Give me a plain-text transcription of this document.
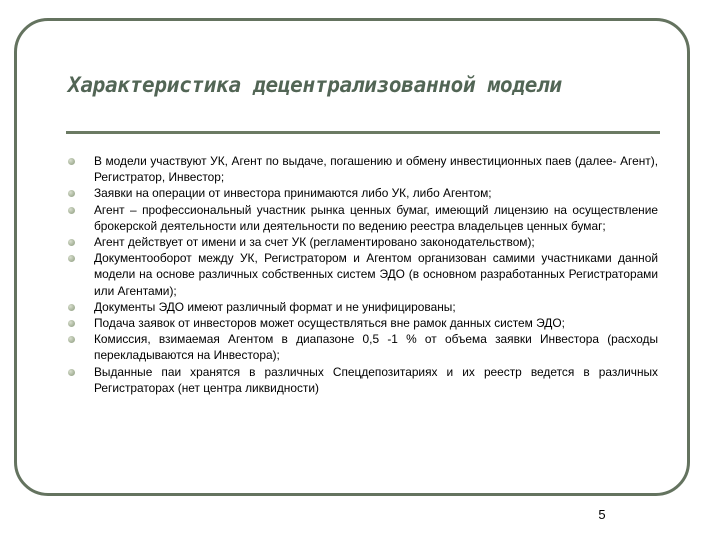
Характеристика децентрализованной модели
В модели участвуют УК, Агент по выдаче, погашению и обмену инвестиционных паев (далее- Агент), Регистратор, Инвестор;
Заявки на операции от инвестора принимаются либо УК, либо Агентом;
Агент – профессиональный участник рынка ценных бумаг, имеющий лицензию на осуществление брокерской деятельности или деятельности по ведению реестра владельцев ценных бумаг;
Агент действует от имени и за счет УК (регламентировано законодательством);
Документооборот между УК, Регистратором и Агентом организован самими участниками данной модели на основе различных собственных систем ЭДО (в основном разработанных Регистраторами или Агентами);
Документы ЭДО имеют различный формат и не унифицированы;
Подача заявок от инвесторов может осуществляться вне рамок данных систем ЭДО;
Комиссия, взимаемая Агентом в диапазоне 0,5 -1 % от объема заявки Инвестора (расходы перекладываются на Инвестора);
Выданные паи хранятся в различных Спецдепозитариях и их реестр ведется в различных Регистраторах (нет центра ликвидности)
5
